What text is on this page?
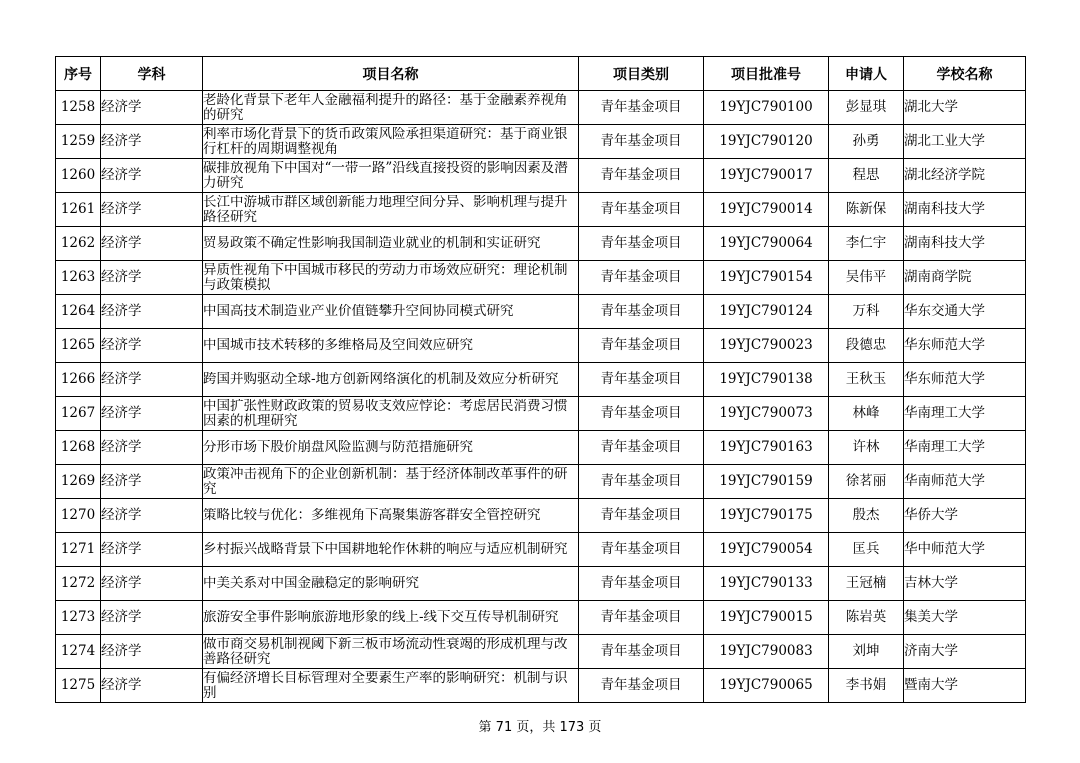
序号	学科	项目名称	项目类别	项目批准号	申请人	学校名称
1258	经济学	老龄化背景下老年人金融福利提升的路径：基于金融素养视角的研究	青年基金项目	19YJC790100	彭显琪	湖北大学
1259	经济学	利率市场化背景下的货币政策风险承担渠道研究：基于商业银行杠杆的周期调整视角	青年基金项目	19YJC790120	孙勇	湖北工业大学
1260	经济学	碳排放视角下中国对“一带一路”沿线直接投资的影响因素及潜力研究	青年基金项目	19YJC790017	程思	湖北经济学院
1261	经济学	长江中游城市群区域创新能力地理空间分异、影响机理与提升路径研究	青年基金项目	19YJC790014	陈新保	湖南科技大学
1262	经济学	贸易政策不确定性影响我国制造业就业的机制和实证研究	青年基金项目	19YJC790064	李仁宇	湖南科技大学
1263	经济学	异质性视角下中国城市移民的劳动力市场效应研究：理论机制与政策模拟	青年基金项目	19YJC790154	吴伟平	湖南商学院
1264	经济学	中国高技术制造业产业价值链攀升空间协同模式研究	青年基金项目	19YJC790124	万科	华东交通大学
1265	经济学	中国城市技术转移的多维格局及空间效应研究	青年基金项目	19YJC790023	段德忠	华东师范大学
1266	经济学	跨国并购驱动全球-地方创新网络演化的机制及效应分析研究	青年基金项目	19YJC790138	王秋玉	华东师范大学
1267	经济学	中国扩张性财政政策的贸易收支效应悖论：考虑居民消费习惯因素的机理研究	青年基金项目	19YJC790073	林峰	华南理工大学
1268	经济学	分形市场下股价崩盘风险监测与防范措施研究	青年基金项目	19YJC790163	许林	华南理工大学
1269	经济学	政策冲击视角下的企业创新机制：基于经济体制改革事件的研究	青年基金项目	19YJC790159	徐茗丽	华南师范大学
1270	经济学	策略比较与优化：多维视角下高聚集游客群安全管控研究	青年基金项目	19YJC790175	殷杰	华侨大学
1271	经济学	乡村振兴战略背景下中国耕地轮作休耕的响应与适应机制研究	青年基金项目	19YJC790054	匡兵	华中师范大学
1272	经济学	中美关系对中国金融稳定的影响研究	青年基金项目	19YJC790133	王冠楠	吉林大学
1273	经济学	旅游安全事件影响旅游地形象的线上-线下交互传导机制研究	青年基金项目	19YJC790015	陈岩英	集美大学
1274	经济学	做市商交易机制视阈下新三板市场流动性衰竭的形成机理与改善路径研究	青年基金项目	19YJC790083	刘坤	济南大学
1275	经济学	有偏经济增长目标管理对全要素生产率的影响研究：机制与识别	青年基金项目	19YJC790065	李书娟	暨南大学
第 71 页，共 173 页
